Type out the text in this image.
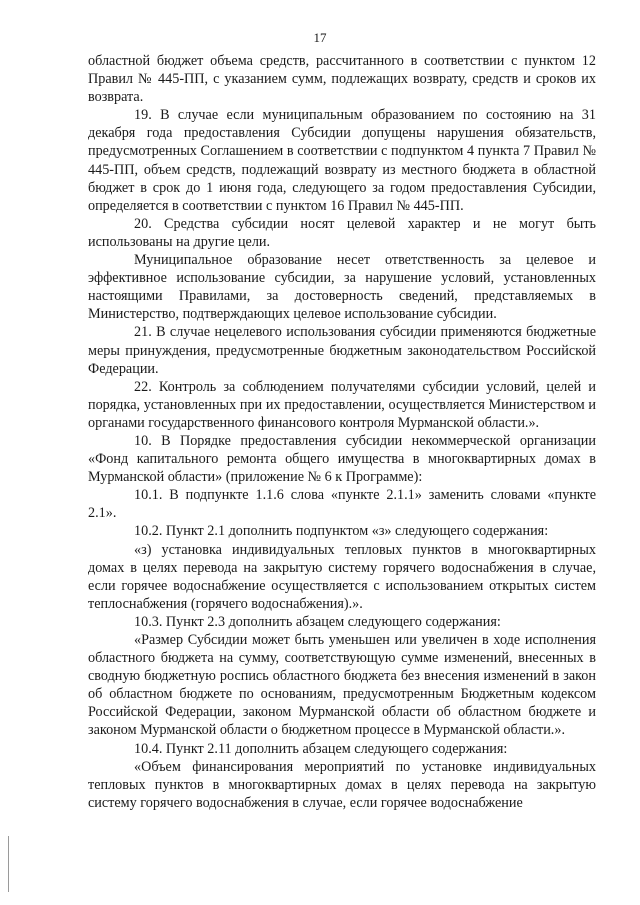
17

областной бюджет объема средств, рассчитанного в соответствии с пунктом 12 Правил № 445-ПП, с указанием сумм, подлежащих возврату, средств и сроков их возврата.

19. В случае если муниципальным образованием по состоянию на 31 декабря года предоставления Субсидии допущены нарушения обязательств, предусмотренных Соглашением в соответствии с подпунктом 4 пункта 7 Правил № 445-ПП, объем средств, подлежащий возврату из местного бюджета в областной бюджет в срок до 1 июня года, следующего за годом предоставления Субсидии, определяется в соответствии с пунктом 16 Правил № 445-ПП.

20. Средства субсидии носят целевой характер и не могут быть использованы на другие цели.

Муниципальное образование несет ответственность за целевое и эффективное использование субсидии, за нарушение условий, установленных настоящими Правилами, за достоверность сведений, представляемых в Министерство, подтверждающих целевое использование субсидии.

21. В случае нецелевого использования субсидии применяются бюджетные меры принуждения, предусмотренные бюджетным законодательством Российской Федерации.

22. Контроль за соблюдением получателями субсидии условий, целей и порядка, установленных при их предоставлении, осуществляется Министерством и органами государственного финансового контроля Мурманской области.».

10. В Порядке предоставления субсидии некоммерческой организации «Фонд капитального ремонта общего имущества в многоквартирных домах в Мурманской области» (приложение № 6 к Программе):

10.1. В подпункте 1.1.6 слова «пункте 2.1.1» заменить словами «пункте 2.1».

10.2. Пункт 2.1 дополнить подпунктом «з» следующего содержания:

«з) установка индивидуальных тепловых пунктов в многоквартирных домах в целях перевода на закрытую систему горячего водоснабжения в случае, если горячее водоснабжение осуществляется с использованием открытых систем теплоснабжения (горячего водоснабжения).».

10.3. Пункт 2.3 дополнить абзацем следующего содержания:

«Размер Субсидии может быть уменьшен или увеличен в ходе исполнения областного бюджета на сумму, соответствующую сумме изменений, внесенных в сводную бюджетную роспись областного бюджета без внесения изменений в закон об областном бюджете по основаниям, предусмотренным Бюджетным кодексом Российской Федерации, законом Мурманской области об областном бюджете и законом Мурманской области о бюджетном процессе в Мурманской области.».

10.4. Пункт 2.11 дополнить абзацем следующего содержания:

«Объем финансирования мероприятий по установке индивидуальных тепловых пунктов в многоквартирных домах в целях перевода на закрытую систему горячего водоснабжения в случае, если горячее водоснабжение
